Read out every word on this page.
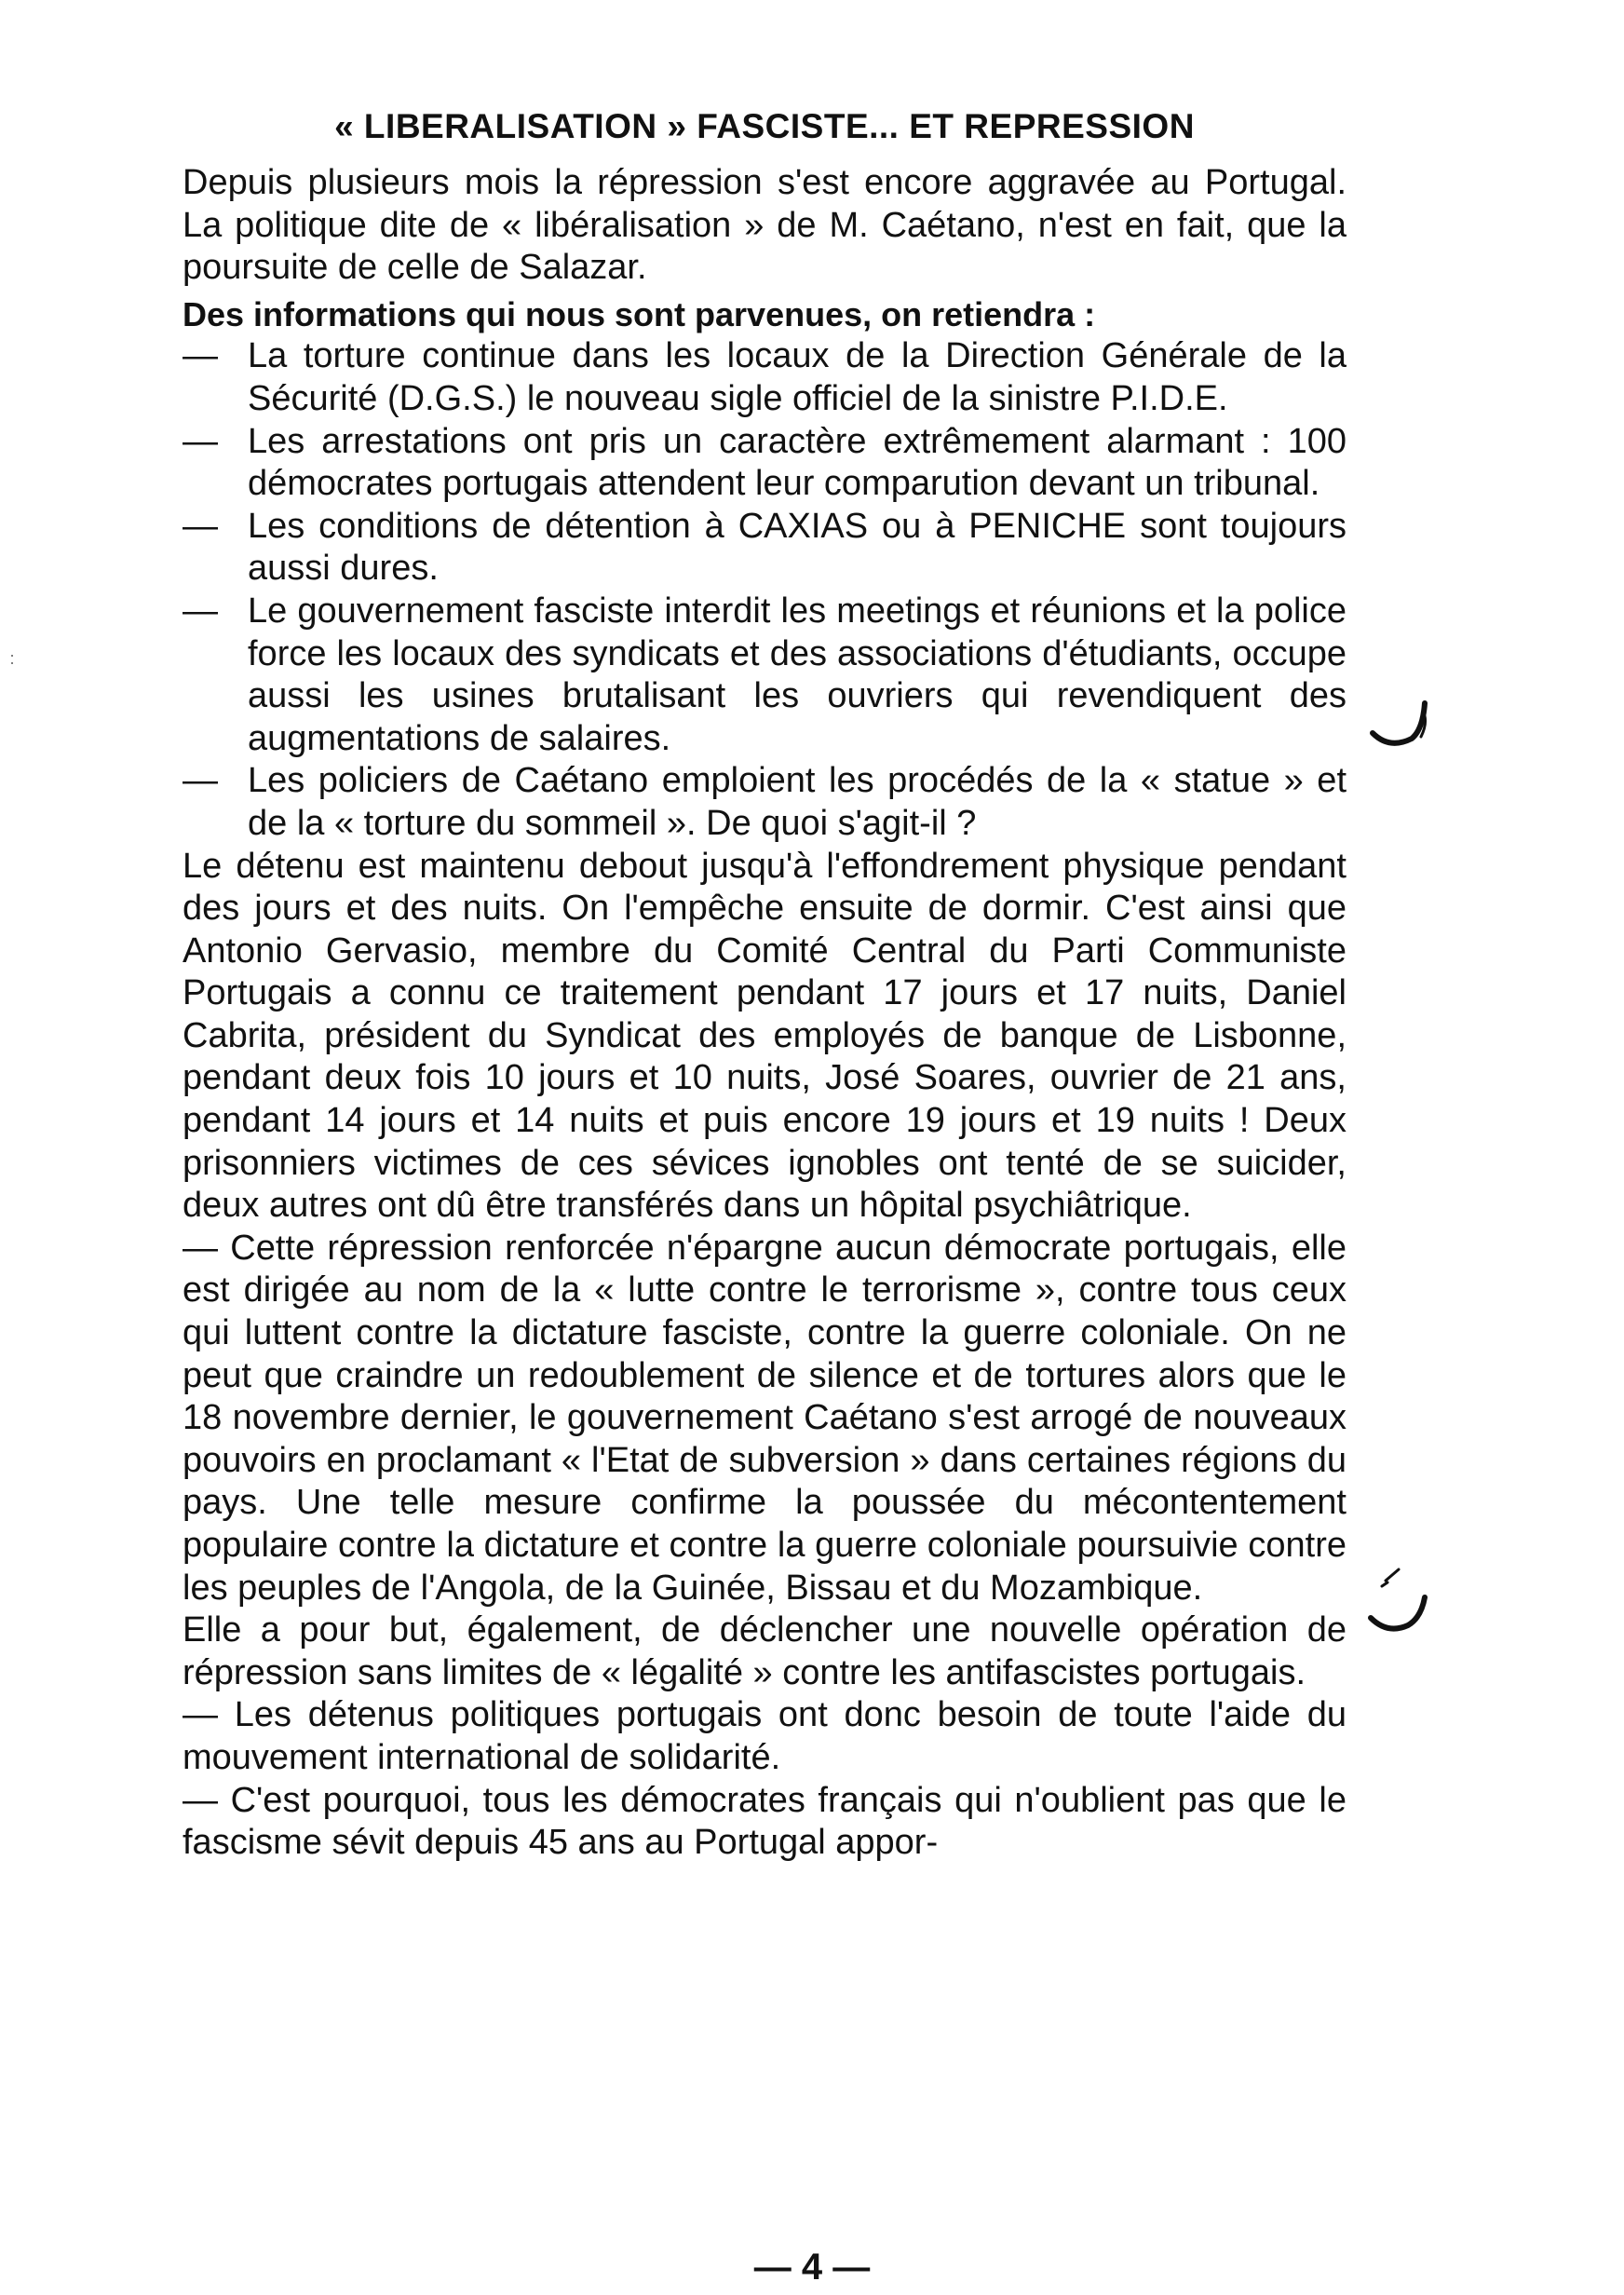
« LIBERALISATION » FASCISTE... ET REPRESSION

Depuis plusieurs mois la répression s'est encore aggravée au Portugal. La politique dite de « libéralisation » de M. Caétano, n'est en fait, que la poursuite de celle de Salazar.

Des informations qui nous sont parvenues, on retiendra :

— La torture continue dans les locaux de la Direction Générale de la Sécurité (D.G.S.) le nouveau sigle officiel de la sinistre P.I.D.E.
— Les arrestations ont pris un caractère extrêmement alarmant : 100 démocrates portugais attendent leur comparution devant un tribunal.
— Les conditions de détention à CAXIAS ou à PENICHE sont toujours aussi dures.
— Le gouvernement fasciste interdit les meetings et réunions et la police force les locaux des syndicats et des associations d'étudiants, occupe aussi les usines brutalisant les ouvriers qui revendiquent des augmentations de salaires.
— Les policiers de Caétano emploient les procédés de la « statue » et de la « torture du sommeil ». De quoi s'agit-il ?

Le détenu est maintenu debout jusqu'à l'effondrement physique pendant des jours et des nuits. On l'empêche ensuite de dormir. C'est ainsi que Antonio Gervasio, membre du Comité Central du Parti Communiste Portugais a connu ce traitement pendant 17 jours et 17 nuits, Daniel Cabrita, président du Syndicat des employés de banque de Lisbonne, pendant deux fois 10 jours et 10 nuits, José Soares, ouvrier de 21 ans, pendant 14 jours et 14 nuits et puis encore 19 jours et 19 nuits ! Deux prisonniers victimes de ces sévices ignobles ont tenté de se suicider, deux autres ont dû être transférés dans un hôpital psychiâtrique.

— Cette répression renforcée n'épargne aucun démocrate portugais, elle est dirigée au nom de la « lutte contre le terrorisme », contre tous ceux qui luttent contre la dictature fasciste, contre la guerre coloniale. On ne peut que craindre un redoublement de silence et de tortures alors que le 18 novembre dernier, le gouvernement Caétano s'est arrogé de nouveaux pouvoirs en proclamant « l'Etat de subversion » dans certaines régions du pays. Une telle mesure confirme la poussée du mécontentement populaire contre la dictature et contre la guerre coloniale poursuivie contre les peuples de l'Angola, de la Guinée, Bissau et du Mozambique.

Elle a pour but, également, de déclencher une nouvelle opération de répression sans limites de « légalité » contre les antifascistes portugais.

— Les détenus politiques portugais ont donc besoin de toute l'aide du mouvement international de solidarité.

— C'est pourquoi, tous les démocrates français qui n'oublient pas que le fascisme sévit depuis 45 ans au Portugal appor-

— 4 —
